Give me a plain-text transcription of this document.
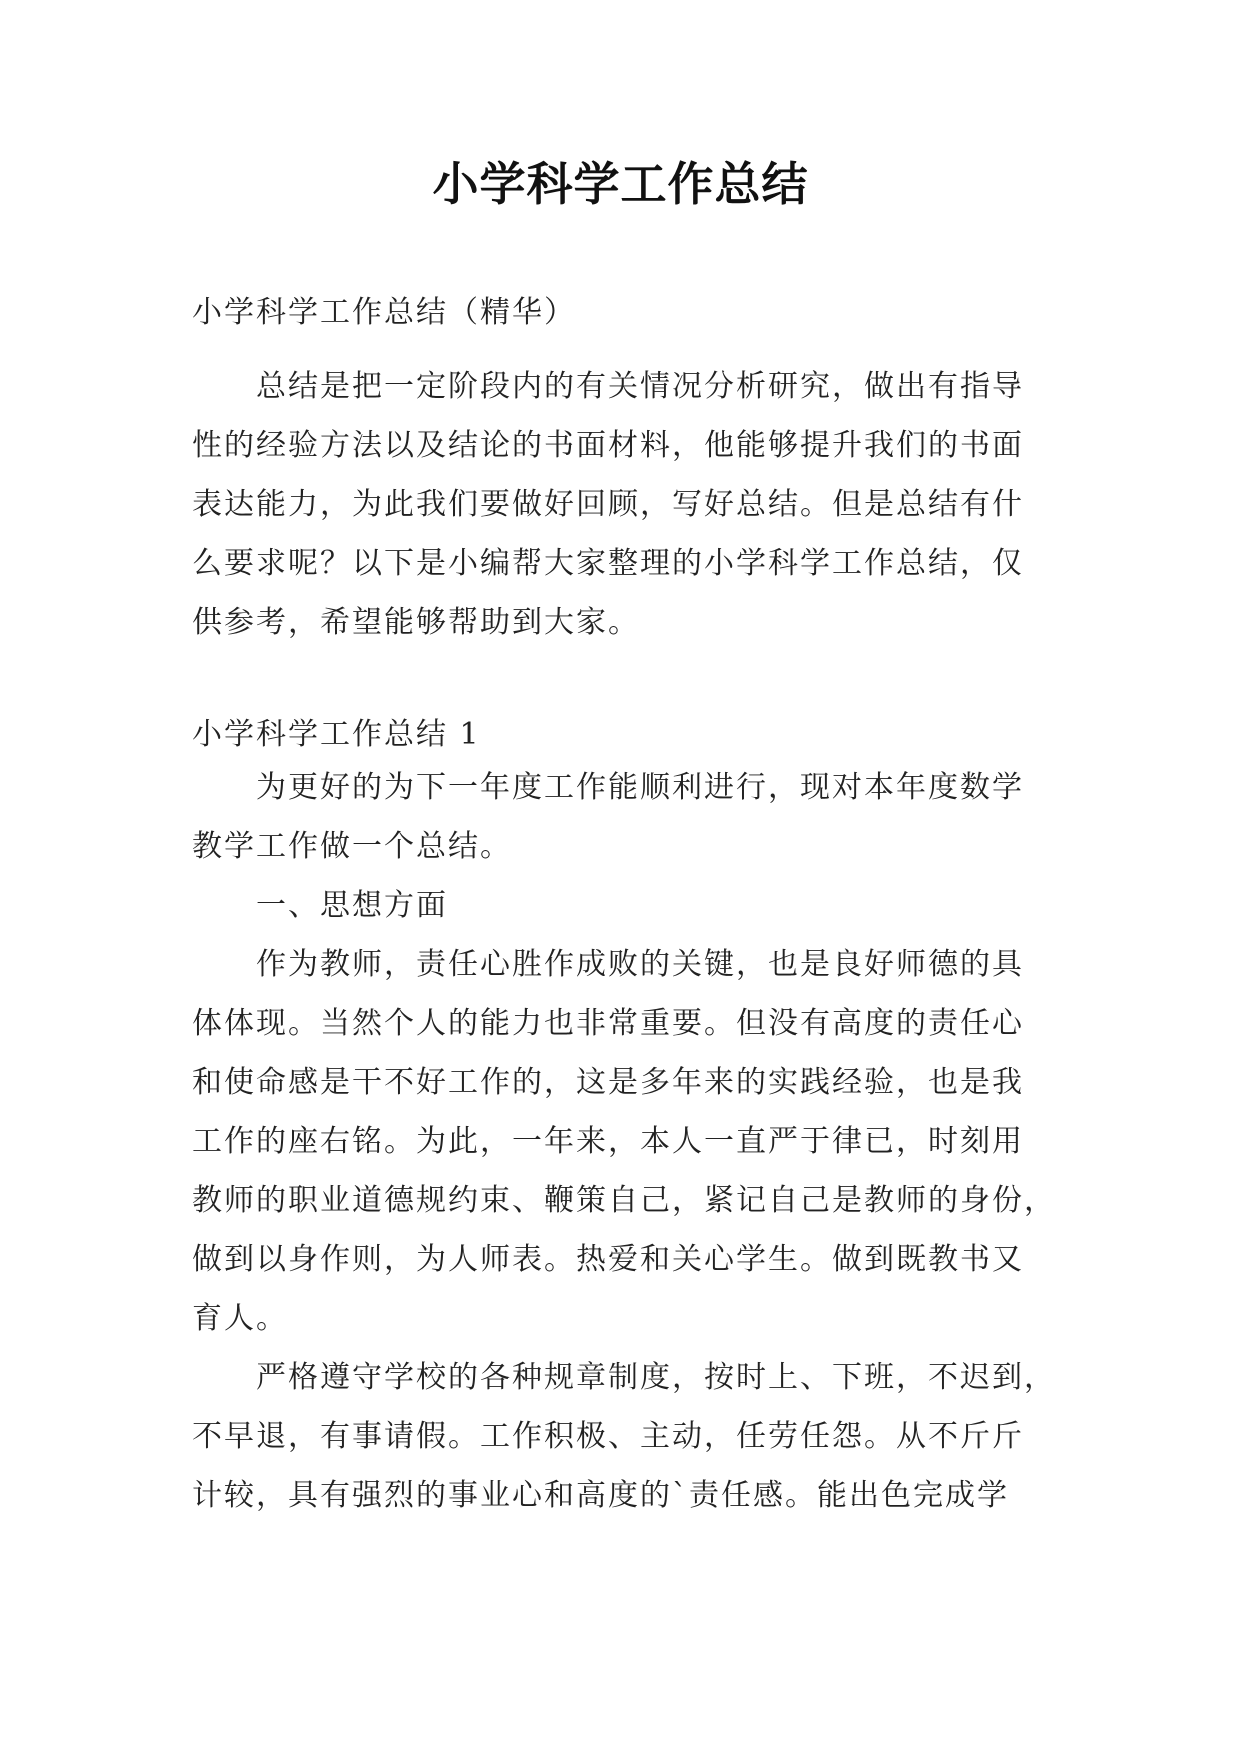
小学科学工作总结

小学科学工作总结（精华）

总结是把一定阶段内的有关情况分析研究，做出有指导
性的经验方法以及结论的书面材料，他能够提升我们的书面
表达能力，为此我们要做好回顾，写好总结。但是总结有什
么要求呢？以下是小编帮大家整理的小学科学工作总结，仅
供参考，希望能够帮助到大家。

小学科学工作总结 1

为更好的为下一年度工作能顺利进行，现对本年度数学
教学工作做一个总结。

一、思想方面

作为教师，责任心胜作成败的关键，也是良好师德的具
体体现。当然个人的能力也非常重要。但没有高度的责任心
和使命感是干不好工作的，这是多年来的实践经验，也是我
工作的座右铭。为此，一年来，本人一直严于律已，时刻用
教师的职业道德规约束、鞭策自己，紧记自己是教师的身份，
做到以身作则，为人师表。热爱和关心学生。做到既教书又
育人。

严格遵守学校的各种规章制度，按时上、下班，不迟到，
不早退，有事请假。工作积极、主动，任劳任怨。从不斤斤
计较，具有强烈的事业心和高度的`责任感。能出色完成学
